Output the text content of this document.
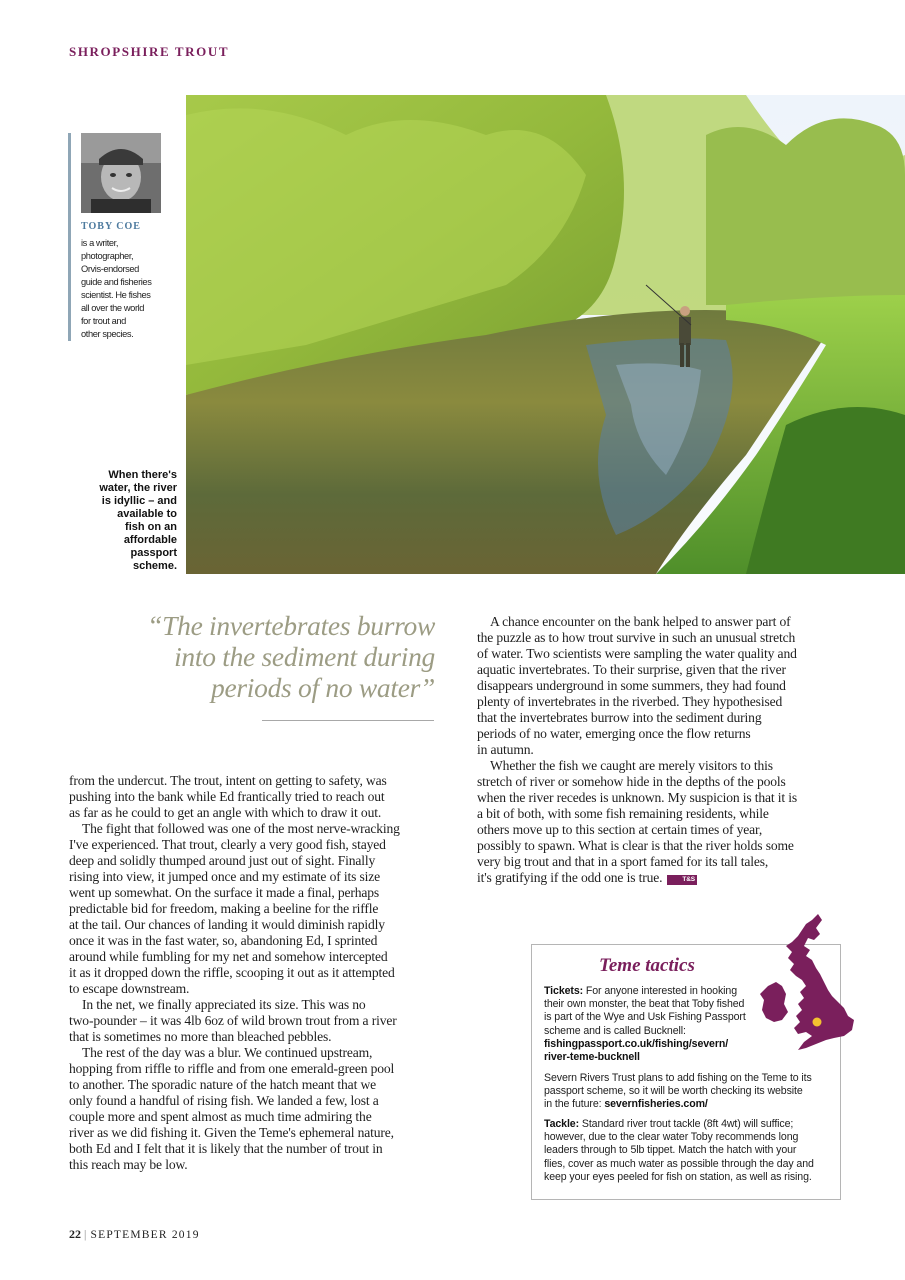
SHROPSHIRE TROUT
TOBY COE
is a writer,
photographer,
Orvis-endorsed
guide and fisheries
scientist. He fishes
all over the world
for trout and
other species.
When there's
water, the river
is idyllic – and
available to
fish on an
affordable
passport
scheme.
“The invertebrates burrow
into the sediment during
periods of no water”

from the undercut. The trout, intent on getting to safety, was
pushing into the bank while Ed frantically tried to reach out
as far as he could to get an angle with which to draw it out.

The fight that followed was one of the most nerve-wracking
I've experienced. That trout, clearly a very good fish, stayed
deep and solidly thumped around just out of sight. Finally
rising into view, it jumped once and my estimate of its size
went up somewhat. On the surface it made a final, perhaps
predictable bid for freedom, making a beeline for the riffle
at the tail. Our chances of landing it would diminish rapidly
once it was in the fast water, so, abandoning Ed, I sprinted
around while fumbling for my net and somehow intercepted
it as it dropped down the riffle, scooping it out as it attempted
to escape downstream.

In the net, we finally appreciated its size. This was no
two-pounder – it was 4lb 6oz of wild brown trout from a river
that is sometimes no more than bleached pebbles.

The rest of the day was a blur. We continued upstream,
hopping from riffle to riffle and from one emerald-green pool
to another. The sporadic nature of the hatch meant that we
only found a handful of rising fish. We landed a few, lost a
couple more and spent almost as much time admiring the
river as we did fishing it. Given the Teme's ephemeral nature,
both Ed and I felt that it is likely that the number of trout in
this reach may be low.

A chance encounter on the bank helped to answer part of
the puzzle as to how trout survive in such an unusual stretch
of water. Two scientists were sampling the water quality and
aquatic invertebrates. To their surprise, given that the river
disappears underground in some summers, they had found
plenty of invertebrates in the riverbed. They hypothesised
that the invertebrates burrow into the sediment during
periods of no water, emerging once the flow returns
in autumn.

Whether the fish we caught are merely visitors to this
stretch of river or somehow hide in the depths of the pools
when the river recedes is unknown. My suspicion is that it is
a bit of both, with some fish remaining residents, while
others move up to this section at certain times of year,
possibly to spawn. What is clear is that the river holds some
very big trout and that in a sport famed for its tall tales,
it's gratifying if the odd one is true.	T&S

Teme tactics
Tickets: For anyone interested in hooking
their own monster, the beat that Toby fished
is part of the Wye and Usk Fishing Passport
scheme and is called Bucknell:
fishingpassport.co.uk/fishing/severn/
river-teme-bucknell
Severn Rivers Trust plans to add fishing on the Teme to its
passport scheme, so it will be worth checking its website
in the future: severnfisheries.com/
Tackle: Standard river trout tackle (8ft 4wt) will suffice;
however, due to the clear water Toby recommends long
leaders through to 5lb tippet. Match the hatch with your
flies, cover as much water as possible through the day and
keep your eyes peeled for fish on station, as well as rising.
22 | SEPTEMBER 2019
